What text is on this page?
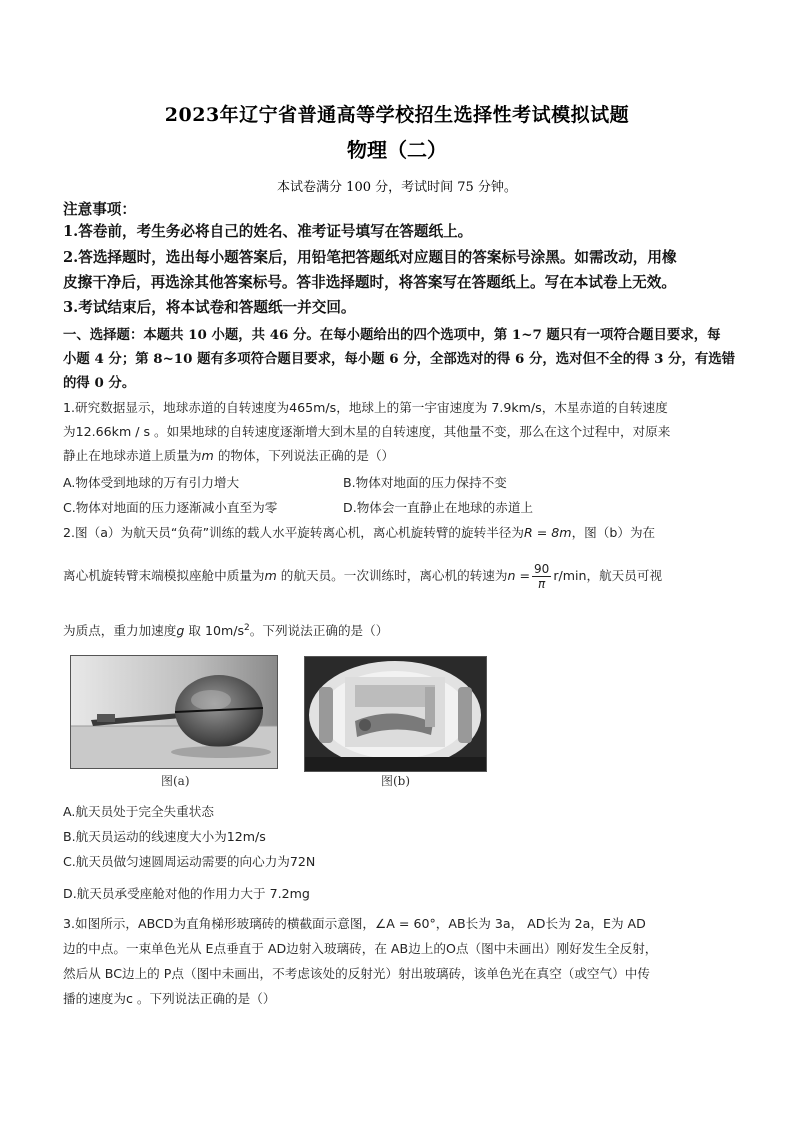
2023年辽宁省普通高等学校招生选择性考试模拟试题
物理（二）
本试卷满分 100 分，考试时间 75 分钟。
注意事项：
1.答卷前，考生务必将自己的姓名、准考证号填写在答题纸上。
2.答选择题时，选出每小题答案后，用铅笔把答题纸对应题目的答案标号涂黑。如需改动，用橡
皮擦干净后，再选涂其他答案标号。答非选择题时，将答案写在答题纸上。写在本试卷上无效。
3.考试结束后，将本试卷和答题纸一并交回。
一、选择题：本题共 10 小题，共 46 分。在每小题给出的四个选项中，第 1~7 题只有一项符合题目要求，每
小题 4 分；第 8~10 题有多项符合题目要求，每小题 6 分，全部选对的得 6 分，选对但不全的得 3 分，有选错
的得 0 分。
1.研究数据显示，地球赤道的自转速度为465m/s，地球上的第一宇宙速度为 7.9km/s，木星赤道的自转速度
为12.66km / s 。如果地球的自转速度逐渐增大到木星的自转速度，其他量不变，那么在这个过程中，对原来
静止在地球赤道上质量为m 的物体，下列说法正确的是（）
A.物体受到地球的万有引力增大	B.物体对地面的压力保持不变
C.物体对地面的压力逐渐减小直至为零	D.物体会一直静止在地球的赤道上
2.图（a）为航天员“负荷”训练的载人水平旋转离心机，离心机旋转臂的旋转半径为R = 8m，图（b）为在
离心机旋转臂末端模拟座舱中质量为m 的航天员。一次训练时，离心机的转速为$n = \frac{90}{\pi} r/\min$，航天员可视
为质点，重力加速度g 取 $10m/s^2$。下列说法正确的是（）
图(a)	图(b)
A.航天员处于完全失重状态
B.航天员运动的线速度大小为12m/s
C.航天员做匀速圆周运动需要的向心力为72N
D.航天员承受座舱对他的作用力大于 7.2mg
3.如图所示，ABCD为直角梯形玻璃砖的横截面示意图，∠A = 60°，AB长为 3a， AD长为 2a，E为 AD
边的中点。一束单色光从 E点垂直于 AD边射入玻璃砖，在 AB边上的O点（图中未画出）刚好发生全反射，
然后从 BC边上的 P点（图中未画出，不考虑该处的反射光）射出玻璃砖，该单色光在真空（或空气）中传
播的速度为c 。下列说法正确的是（）
